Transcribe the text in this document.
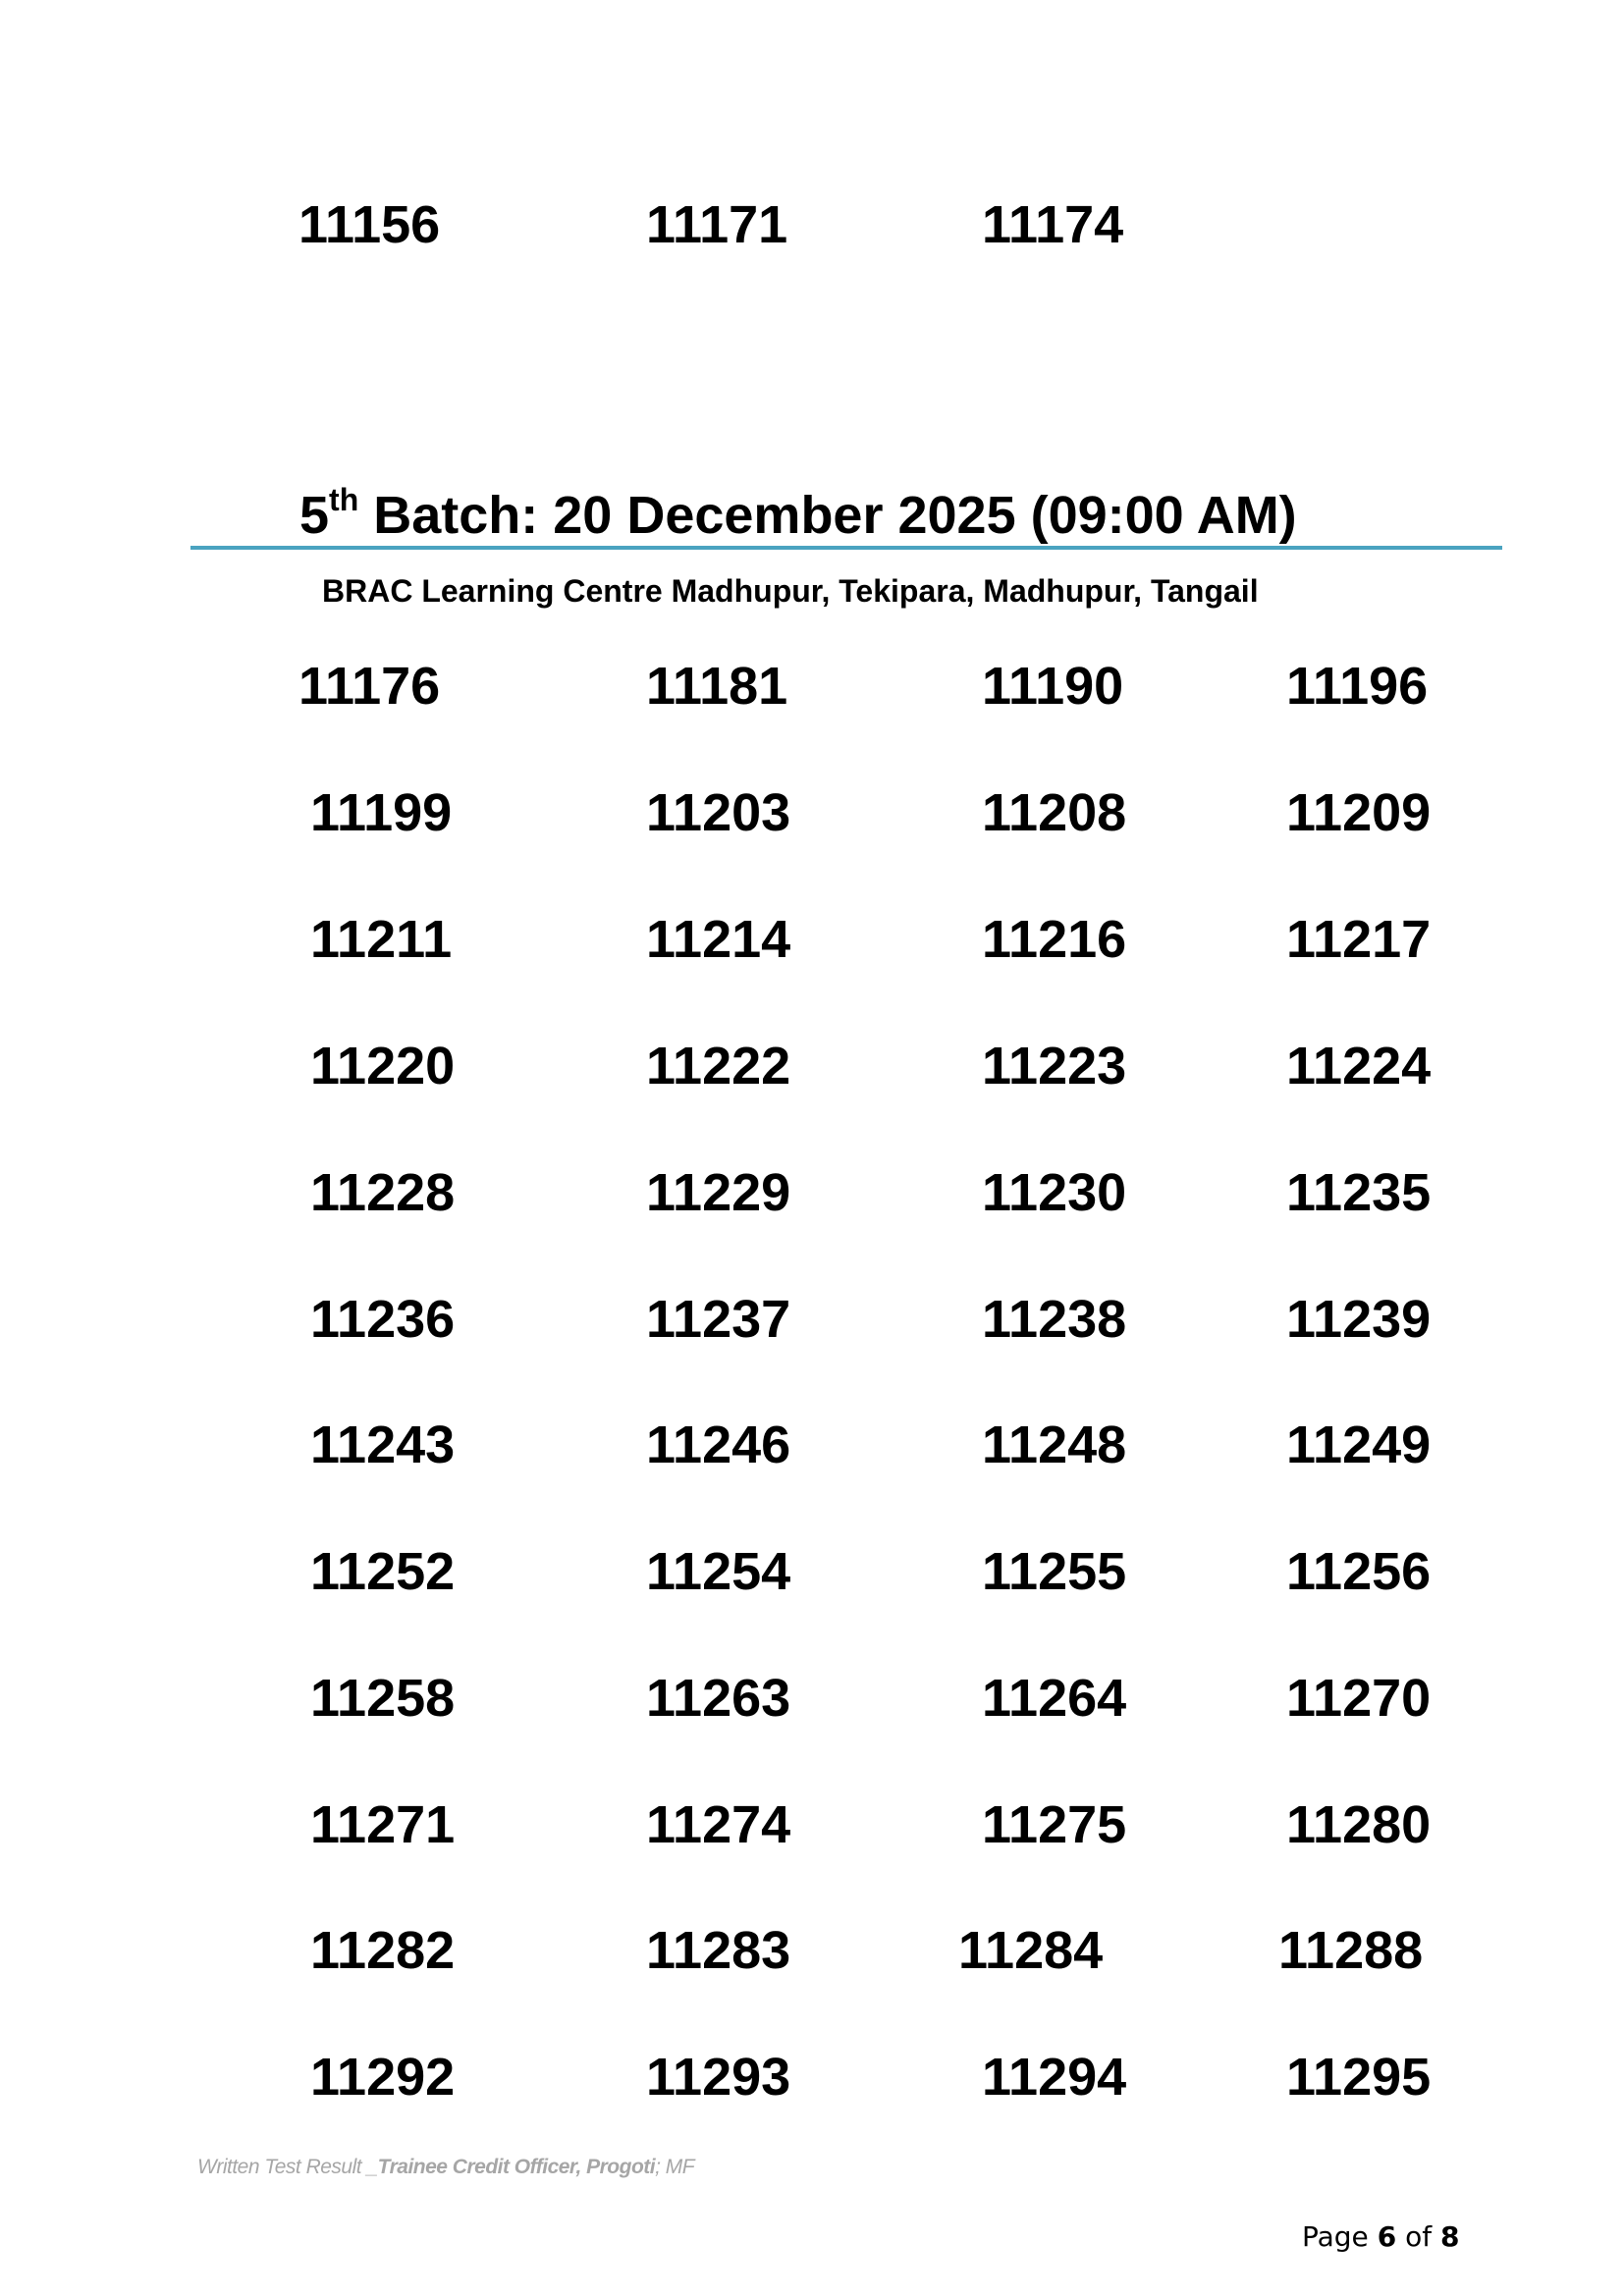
11156	11171	11174
5th Batch: 20 December 2025 (09:00 AM)
BRAC Learning Centre Madhupur, Tekipara, Madhupur, Tangail
11176	11181	11190	11196
11199	11203	11208	11209
11211	11214	11216	11217
11220	11222	11223	11224
11228	11229	11230	11235
11236	11237	11238	11239
11243	11246	11248	11249
11252	11254	11255	11256
11258	11263	11264	11270
11271	11274	11275	11280
11282	11283	11284	11288
11292	11293	11294	11295
Written Test Result _Trainee Credit Officer, Progoti; MF
Page 6 of 8
